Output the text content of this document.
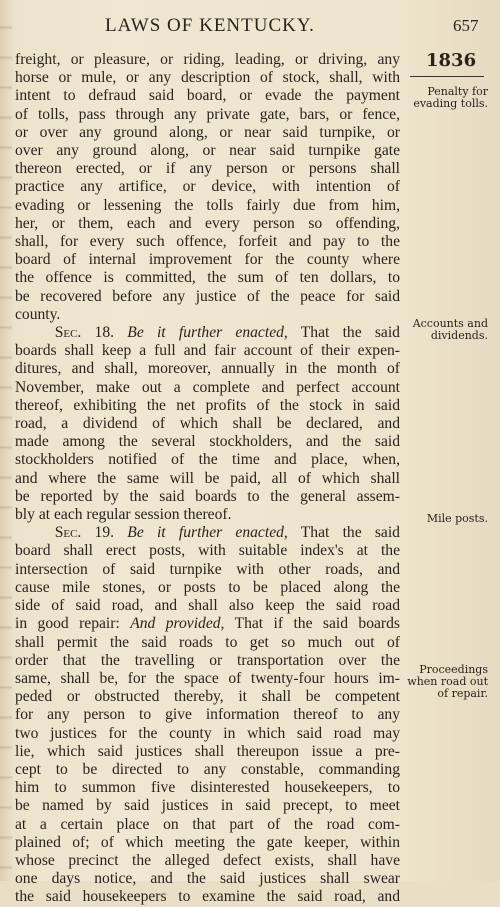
LAWS OF KENTUCKY.	657
1836
Penalty for evading tolls.
Accounts and dividends.
Mile posts.
Proceedings when road out of repair.
freight, or pleasure, or riding, leading, or driving, any
horse or mule, or any description of stock, shall, with
intent to defraud said board, or evade the payment
of tolls, pass through any private gate, bars, or fence,
or over any ground along, or near said turnpike, or
over any ground along, or near said turnpike gate
thereon erected, or if any person or persons shall
practice any artifice, or device, with intention of
evading or lessening the tolls fairly due from him,
her, or them, each and every person so offending,
shall, for every such offence, forfeit and pay to the
board of internal improvement for the county where
the offence is committed, the sum of ten dollars, to
be recovered before any justice of the peace for said
county.
Sec. 18. Be it further enacted, That the said
boards shall keep a full and fair account of their expen-
ditures, and shall, moreover, annually in the month of
November, make out a complete and perfect account
thereof, exhibiting the net profits of the stock in said
road, a dividend of which shall be declared, and
made among the several stockholders, and the said
stockholders notified of the time and place, when,
and where the same will be paid, all of which shall
be reported by the said boards to the general assem-
bly at each regular session thereof.
Sec. 19. Be it further enacted, That the said
board shall erect posts, with suitable index's at the
intersection of said turnpike with other roads, and
cause mile stones, or posts to be placed along the
side of said road, and shall also keep the said road
in good repair: And provided, That if the said boards
shall permit the said roads to get so much out of
order that the travelling or transportation over the
same, shall be, for the space of twenty-four hours im-
peded or obstructed thereby, it shall be competent
for any person to give information thereof to any
two justices for the county in which said road may
lie, which said justices shall thereupon issue a pre-
cept to be directed to any constable, commanding
him to summon five disinterested housekeepers, to
be named by said justices in said precept, to meet
at a certain place on that part of the road com-
plained of; of which meeting the gate keeper, within
whose precinct the alleged defect exists, shall have
one days notice, and the said justices shall swear
the said housekeepers to examine the said road, and
